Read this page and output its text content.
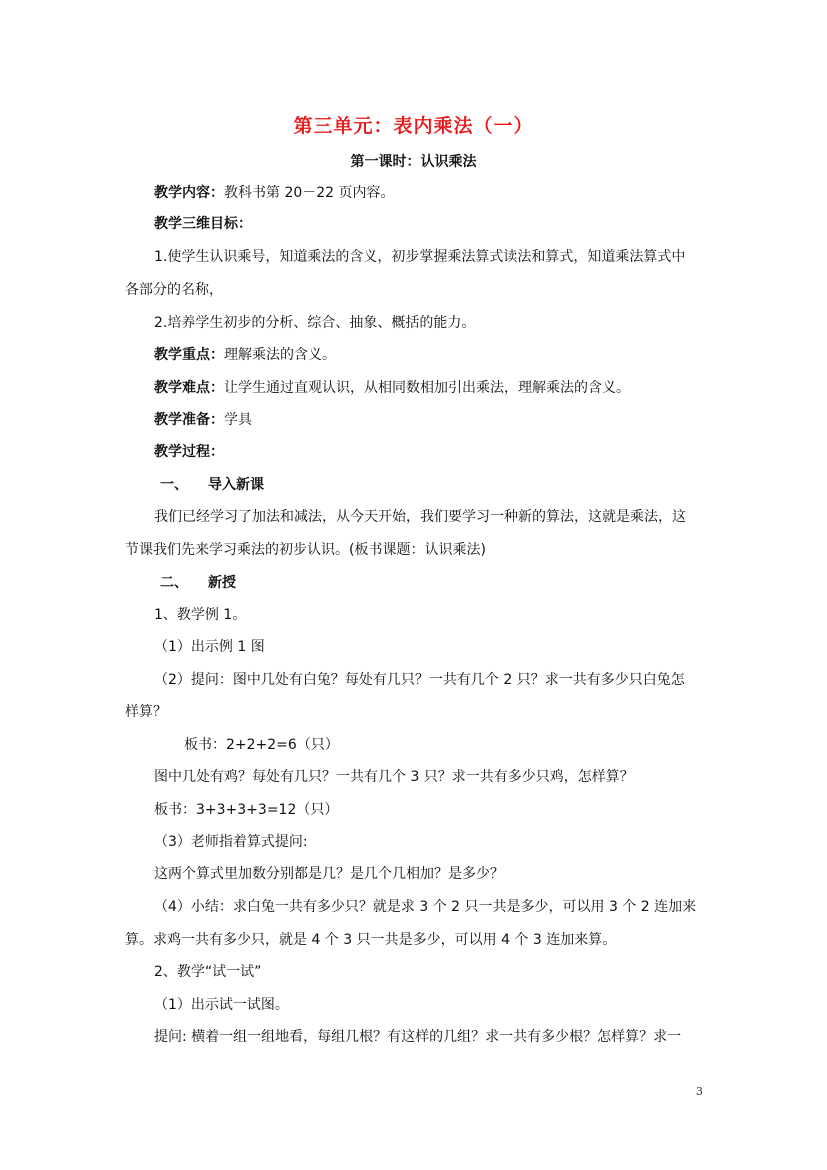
第三单元：表内乘法（一）
第一课时：认识乘法
教学内容：教科书第 20－22 页内容。
教学三维目标：
1.使学生认识乘号，知道乘法的含义，初步掌握乘法算式读法和算式，知道乘法算式中
各部分的名称，
2.培养学生初步的分析、综合、抽象、概括的能力。
教学重点：理解乘法的含义。
教学难点：让学生通过直观认识，从相同数相加引出乘法，理解乘法的含义。
教学准备：学具
教学过程：
一、 导入新课
我们已经学习了加法和减法，从今天开始，我们要学习一种新的算法，这就是乘法，这
节课我们先来学习乘法的初步认识。(板书课题：认识乘法)
二、 新授
1、教学例 1。
（1）出示例 1 图
（2）提问：图中几处有白兔？每处有几只？一共有几个 2 只？求一共有多少只白兔怎
样算？
板书：2+2+2=6（只）
图中几处有鸡？每处有几只？一共有几个 3 只？求一共有多少只鸡，怎样算？
板书：3+3+3+3=12（只）
（3）老师指着算式提问:
这两个算式里加数分别都是几？是几个几相加？是多少？
（4）小结：求白兔一共有多少只？就是求 3 个 2 只一共是多少，可以用 3 个 2 连加来
算。求鸡一共有多少只，就是 4 个 3 只一共是多少，可以用 4 个 3 连加来算。
2、教学“试一试”
（1）出示试一试图。
提问: 横着一组一组地看，每组几根？有这样的几组？求一共有多少根？怎样算？求一
3
